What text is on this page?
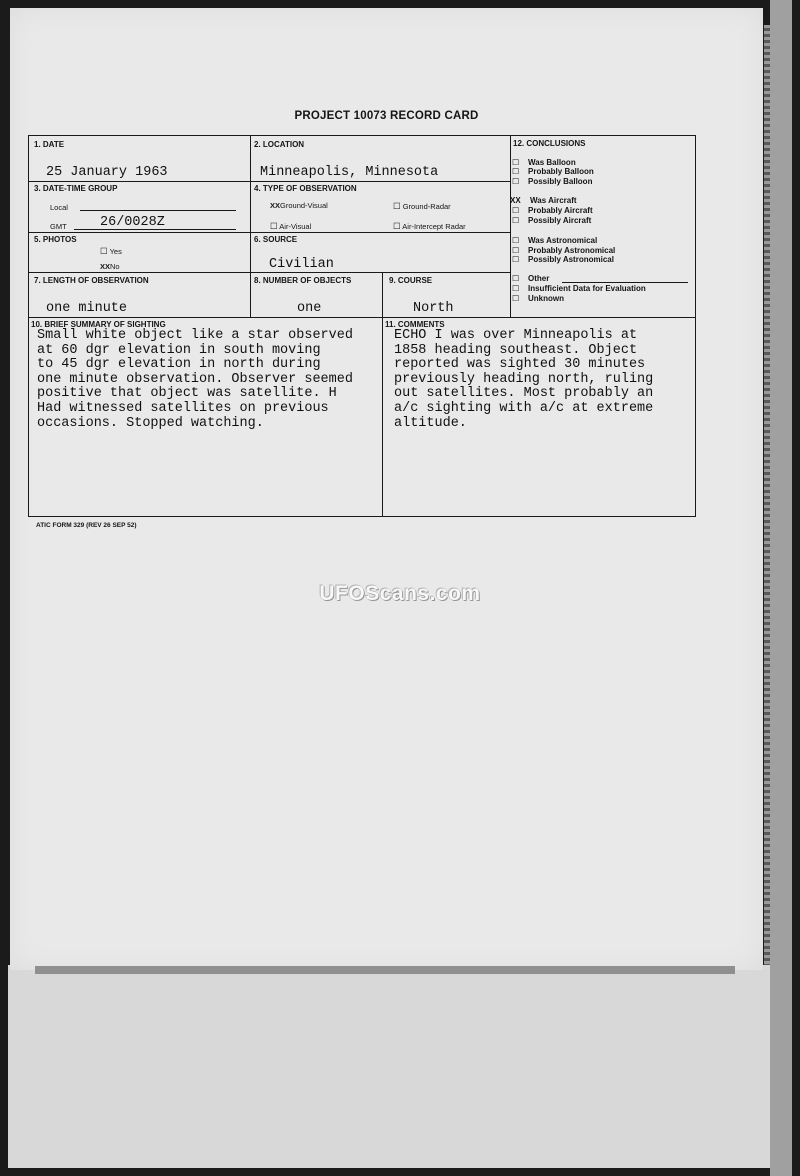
PROJECT 10073 RECORD CARD
1. DATE
25 January 1963
2. LOCATION
Minneapolis, Minnesota
3. DATE-TIME GROUP
Local
GMT 26/0028Z
4. TYPE OF OBSERVATION
XXGround-Visual	☐ Ground-Radar
☐ Air-Visual	☐ Air-Intercept Radar
5. PHOTOS
☐ Yes
XXNo
6. SOURCE
Civilian
7. LENGTH OF OBSERVATION
one minute
8. NUMBER OF OBJECTS
one
9. COURSE
North
10. BRIEF SUMMARY OF SIGHTING
Small white object like a star observed
at 60 dgr elevation in south moving
to 45 dgr elevation in north during
one minute observation. Observer seemed
positive that object was satellite. H
Had witnessed satellites on previous
occasions. Stopped watching.
11. COMMENTS
ECHO I was over Minneapolis at
1858 heading southeast. Object
reported was sighted 30 minutes
previously heading north, ruling
out satellites. Most probably an
a/c sighting with a/c at extreme
altitude.
12. CONCLUSIONS
☐ Was Balloon
☐ Probably Balloon
☐ Possibly Balloon
XX Was Aircraft
☐ Probably Aircraft
☐ Possibly Aircraft
☐ Was Astronomical
☐ Probably Astronomical
☐ Possibly Astronomical
☐ Other
☐ Insufficient Data for Evaluation
☐ Unknown
ATIC FORM 329 (REV 26 SEP 52)
UFOScans.com
